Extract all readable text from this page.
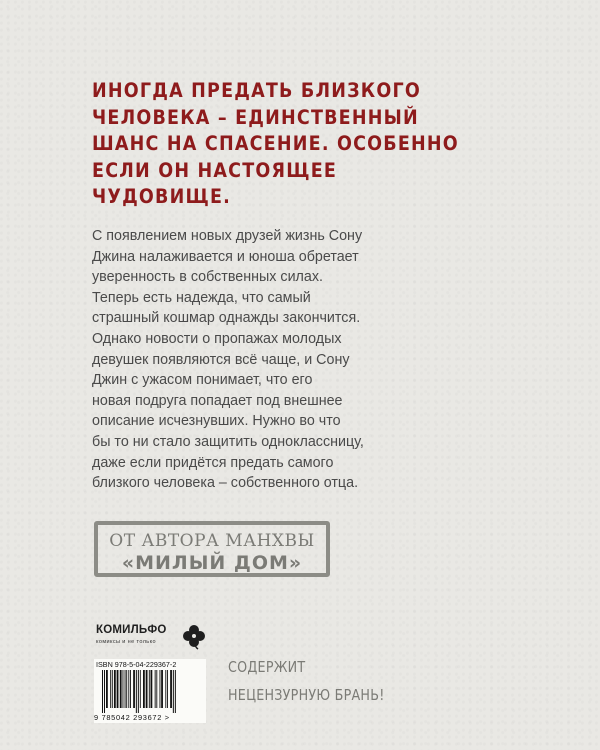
ИНОГДА ПРЕДАТЬ БЛИЗКОГО
ЧЕЛОВЕКА – ЕДИНСТВЕННЫЙ
ШАНС НА СПАСЕНИЕ. ОСОБЕННО
ЕСЛИ ОН НАСТОЯЩЕЕ
ЧУДОВИЩЕ.
С появлением новых друзей жизнь Сону
Джина налаживается и юноша обретает
уверенность в собственных силах.
Теперь есть надежда, что самый
страшный кошмар однажды закончится.
Однако новости о пропажах молодых
девушек появляются всё чаще, и Сону
Джин с ужасом понимает, что его
новая подруга попадает под внешнее
описание исчезнувших. Нужно во что
бы то ни стало защитить одноклассницу,
даже если придётся предать самого
близкого человека – собственного отца.
ОТ АВТОРА МАНХВЫ
«МИЛЫЙ ДОМ»
КОМИЛЬФО
комиксы и не только
ISBN 978-5-04-229367-2
9 785042 293672 >
СОДЕРЖИТ
НЕЦЕНЗУРНУЮ БРАНЬ!
